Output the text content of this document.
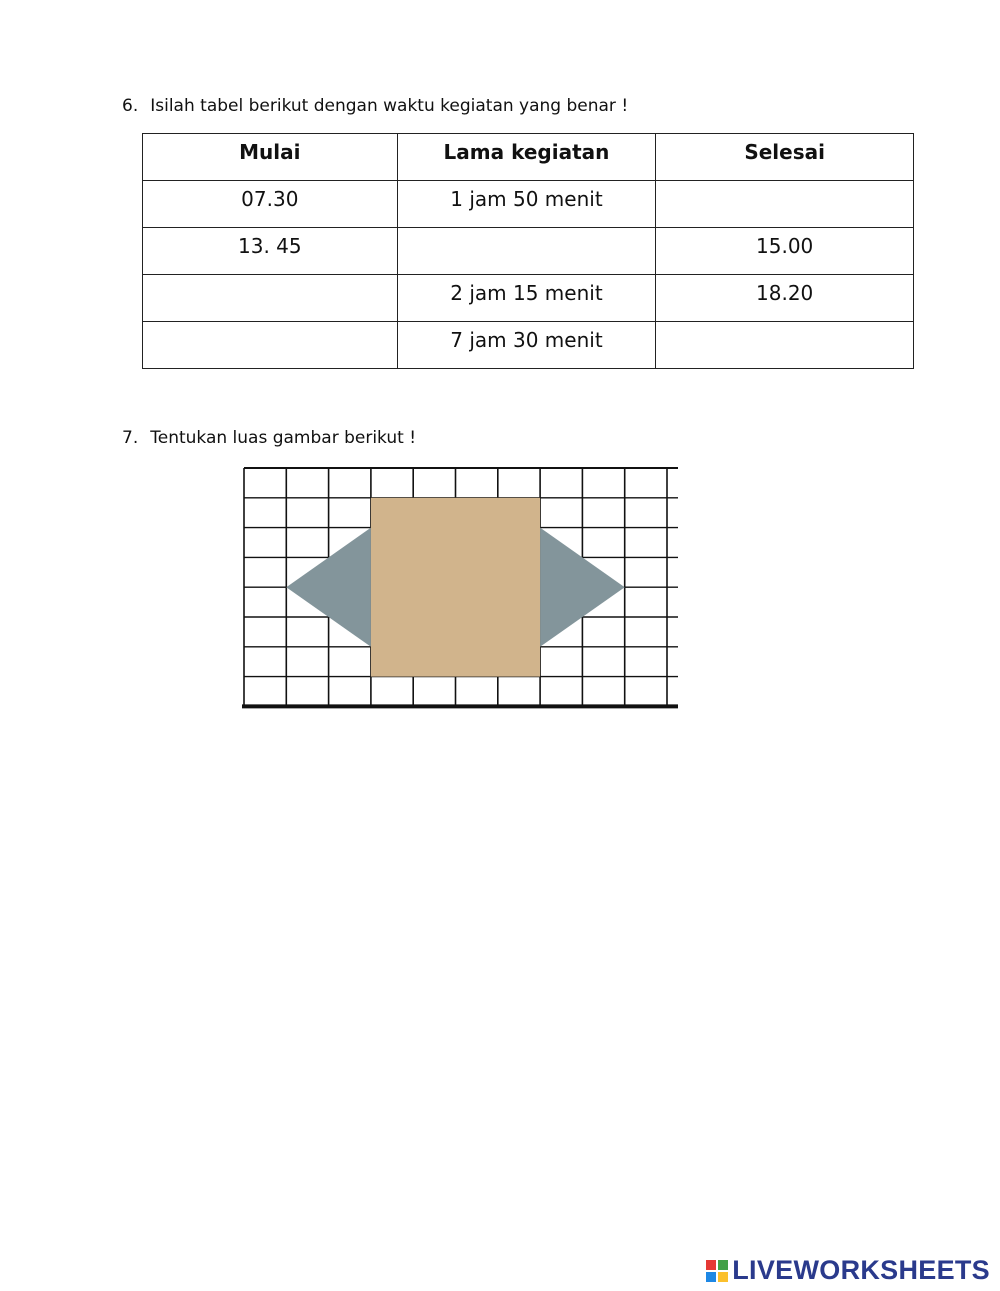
6. Isilah tabel berikut dengan waktu kegiatan yang benar !
Mulai	Lama kegiatan	Selesai
07.30	1 jam 50 menit	
13. 45		15.00
	2 jam 15 menit	18.20
	7 jam 30 menit	
7. Tentukan luas gambar berikut !
LIVEWORKSHEETS
